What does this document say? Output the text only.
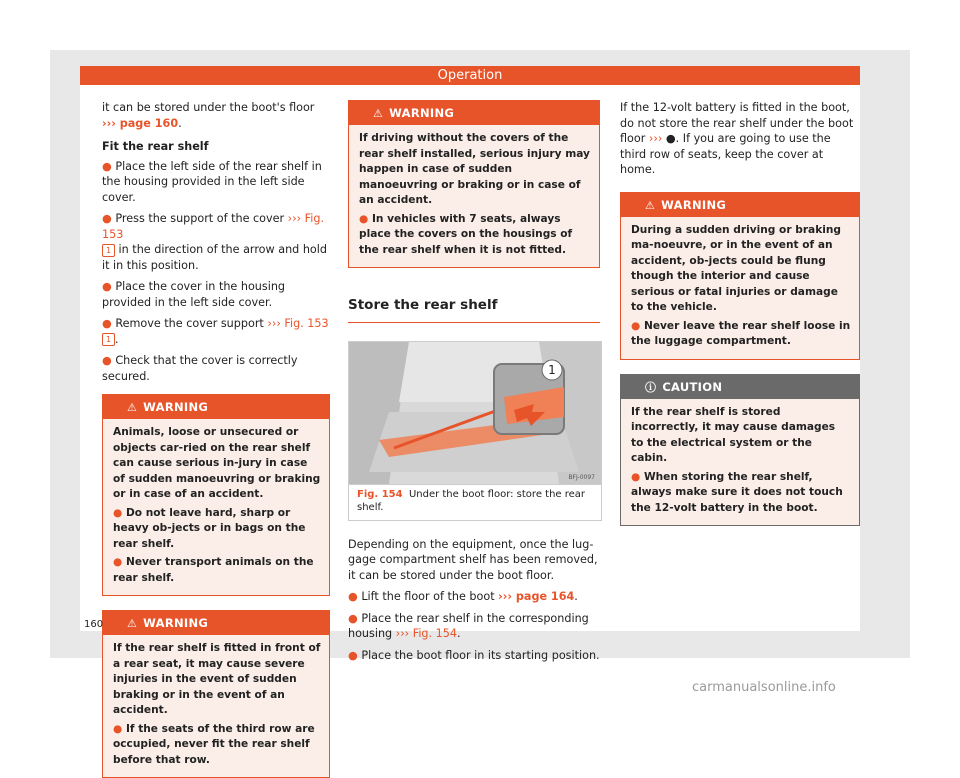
Operation

it can be stored under the boot's floor
››› page 160.

Fit the rear shelf

● Place the left side of the rear shelf in the housing provided in the left side cover.

● Press the support of the cover ››› Fig. 153
1 in the direction of the arrow and hold it in this position.

● Place the cover in the housing provided in the left side cover.

● Remove the cover support ››› Fig. 153 1 .

● Check that the cover is correctly secured.

⚠ WARNING

Animals, loose or unsecured or objects car-ried on the rear shelf can cause serious in-jury in case of sudden manoeuvring or braking or in case of an accident.

● Do not leave hard, sharp or heavy ob-jects or in bags on the rear shelf.

● Never transport animals on the rear shelf.

⚠ WARNING

If the rear shelf is fitted in front of a rear seat, it may cause severe injuries in the event of sudden braking or in the event of an accident.

● If the seats of the third row are occupied, never fit the rear shelf before that row.

⚠ WARNING

If driving without the covers of the rear shelf installed, serious injury may happen in case of sudden manoeuvring or braking or in case of an accident.

● In vehicles with 7 seats, always place the covers on the housings of the rear shelf when it is not fitted.

Store the rear shelf
1
BFJ-0097
Fig. 154 Under the boot floor: store the rear shelf.

Depending on the equipment, once the lug-gage compartment shelf has been removed, it can be stored under the boot floor.

● Lift the floor of the boot ››› page 164.

● Place the rear shelf in the corresponding housing ››› Fig. 154.

● Place the boot floor in its starting position.

If the 12-volt battery is fitted in the boot, do not store the rear shelf under the boot floor ››› ●. If you are going to use the third row of seats, keep the cover at home.

⚠ WARNING

During a sudden driving or braking ma-noeuvre, or in the event of an accident, ob-jects could be flung though the interior and cause serious or fatal injuries or damage to the vehicle.

● Never leave the rear shelf loose in the luggage compartment.

ⓘ CAUTION

If the rear shelf is stored incorrectly, it may cause damages to the electrical system or the cabin.

● When storing the rear shelf, always make sure it does not touch the 12-volt battery in the boot.

160
carmanualsonline.info
